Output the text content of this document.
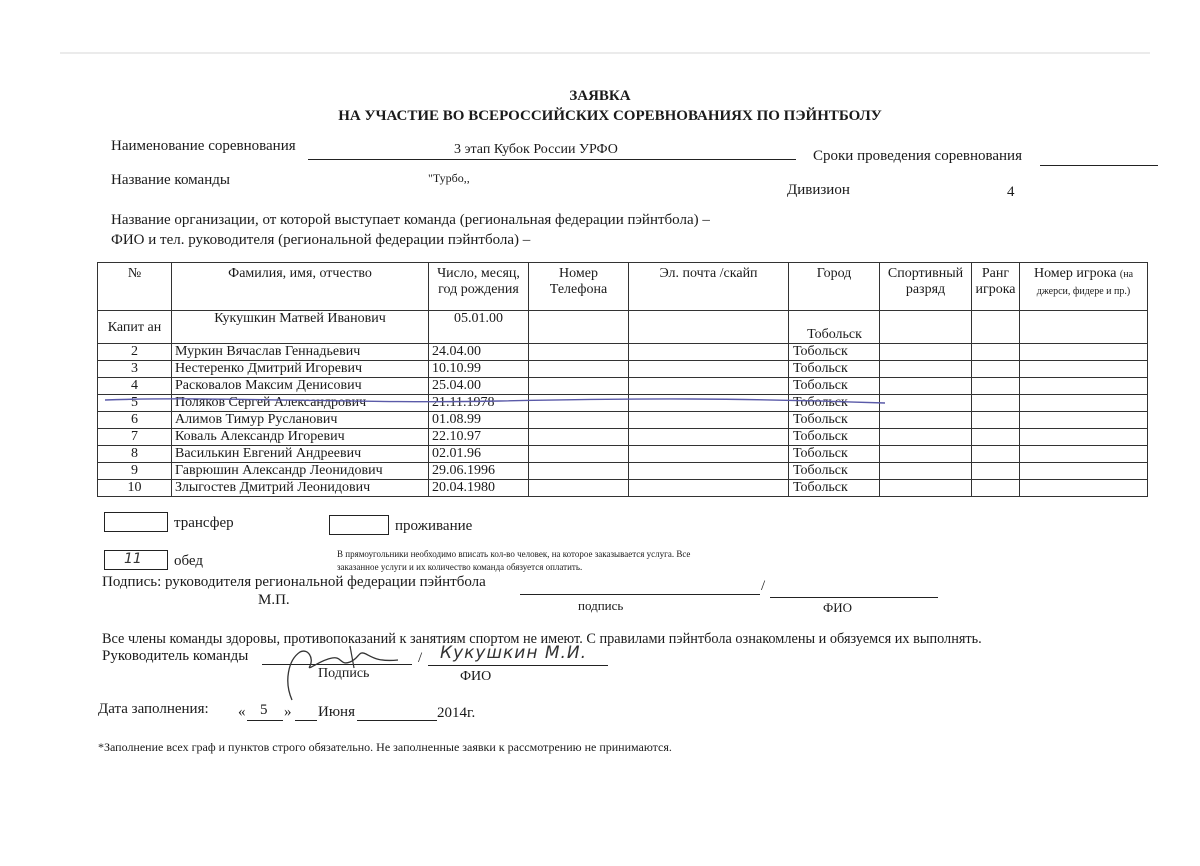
ЗАЯВКА
НА УЧАСТИЕ ВО ВСЕРОССИЙСКИХ СОРЕВНОВАНИЯХ ПО ПЭЙНТБОЛУ
Наименование соревнования	3 этап Кубок России УРФО	Сроки проведения соревнования
Название команды	"Турбо,,
Дивизион	4
Название организации, от которой выступает команда (региональная федерации пэйнтбола) –
ФИО и тел. руководителя (региональной федерации пэйнтбола) –
№	Фамилия, имя, отчество	Число, месяц, год рождения	Номер Телефона	Эл. почта /скайп	Город	Спортивный разряд	Ранг игрока	Номер игрока (на джерси, фидере и пр.)
Капит ан	Кукушкин Матвей Иванович	05.01.00			Тобольск			
2	Муркин Вячаслав Геннадьевич	24.04.00			Тобольск			
3	Нестеренко Дмитрий Игоревич	10.10.99			Тобольск			
4	Расковалов Максим Денисович	25.04.00			Тобольск			
5	Поляков Сергей Александрович	21.11.1978			Тобольск			
6	Алимов Тимур Русланович	01.08.99			Тобольск			
7	Коваль Александр Игоревич	22.10.97			Тобольск			
8	Василькин Евгений Андреевич	02.01.96			Тобольск			
9	Гаврюшин Александр Леонидович	29.06.1996			Тобольск			
10	Злыгостев Дмитрий Леонидович	20.04.1980			Тобольск			
трансфер	проживание
11 обед	В прямоугольники необходимо вписать кол-во человек, на которое заказывается услуга. Все
заказанное услуги и их количество команда обязуется оплатить.
Подпись: руководителя региональной федерации пэйнтбола	/
М.П.	подпись	ФИО
Все члены команды здоровы, противопоказаний к занятиям спортом не имеют. С правилами пэйнтбола ознакомлены и обязуемся их выполнять.
Руководитель команды	/ Кукушкин М.И.
Подпись	ФИО
Дата заполнения: « 5 » Июня	2014г.
*Заполнение всех граф и пунктов строго обязательно. Не заполненные заявки к рассмотрению не принимаются.
